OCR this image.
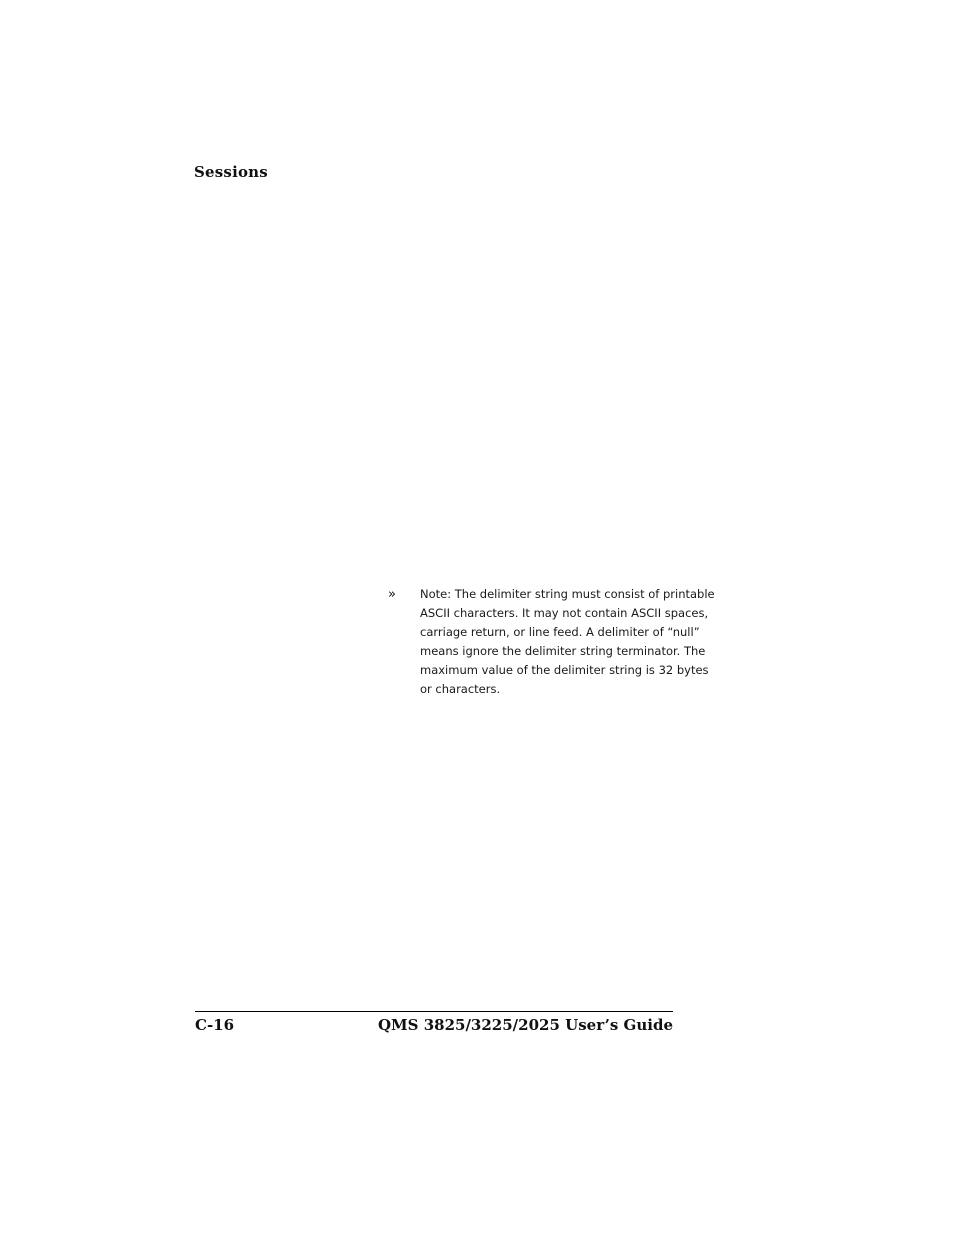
Sessions
» Note: The delimiter string must consist of printable ASCII characters. It may not contain ASCII spaces, carriage return, or line feed. A delimiter of “null” means ignore the delimiter string terminator. The maximum value of the delimiter string is 32 bytes or characters.

C-16	QMS 3825/3225/2025 User’s Guide
